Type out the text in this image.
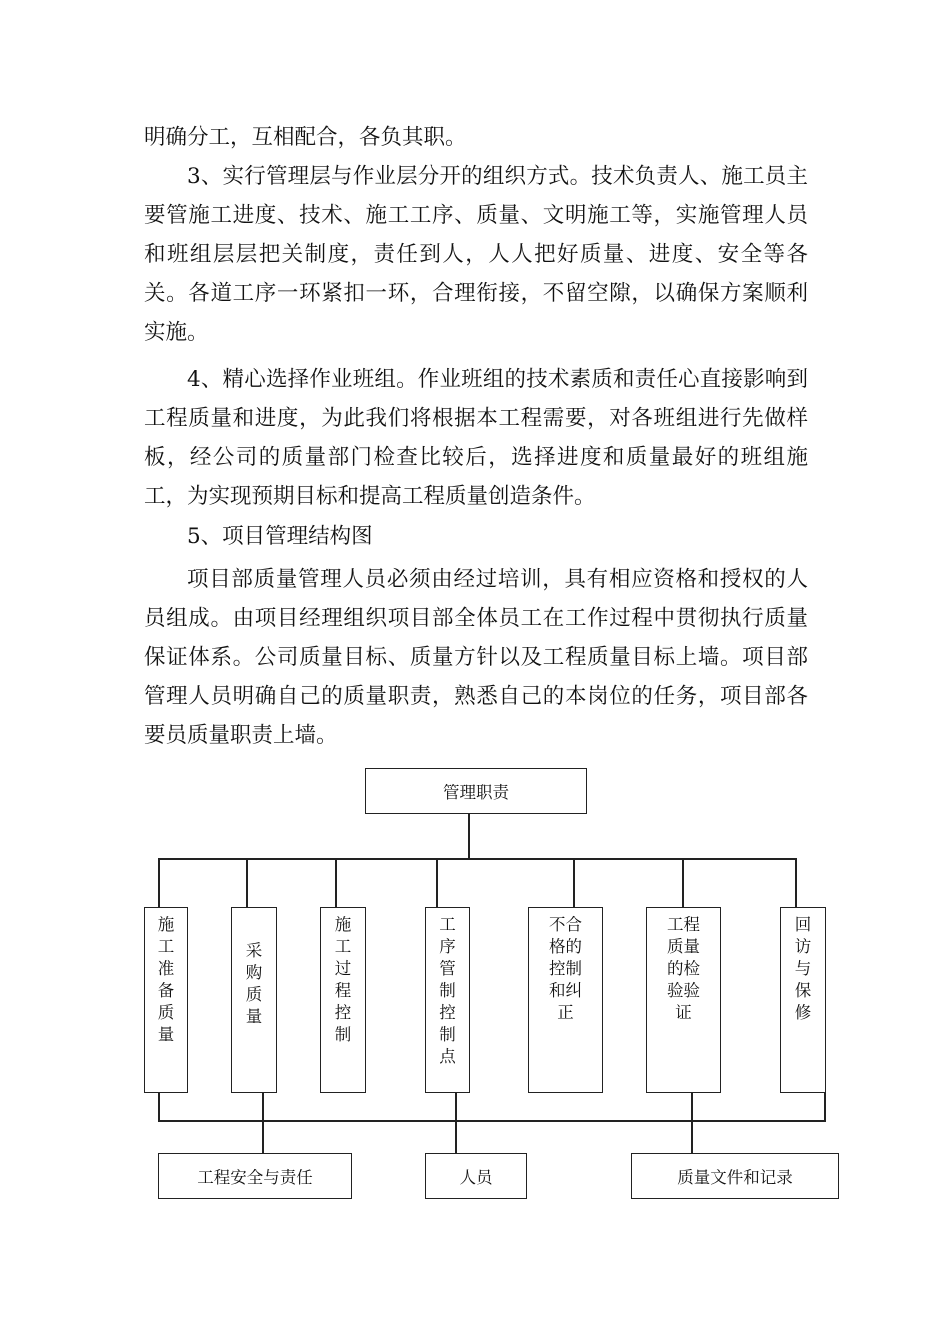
明确分工，互相配合，各负其职。

3、实行管理层与作业层分开的组织方式。技术负责人、施工员主要管施工进度、技术、施工工序、质量、文明施工等，实施管理人员和班组层层把关制度，责任到人，人人把好质量、进度、安全等各关。各道工序一环紧扣一环，合理衔接，不留空隙，以确保方案顺利实施。

4、精心选择作业班组。作业班组的技术素质和责任心直接影响到工程质量和进度，为此我们将根据本工程需要，对各班组进行先做样板，经公司的质量部门检查比较后，选择进度和质量最好的班组施工，为实现预期目标和提高工程质量创造条件。

5、项目管理结构图

项目部质量管理人员必须由经过培训，具有相应资格和授权的人员组成。由项目经理组织项目部全体员工在工作过程中贯彻执行质量保证体系。公司质量目标、质量方针以及工程质量目标上墙。项目部管理人员明确自己的质量职责，熟悉自己的本岗位的任务，项目部各要员质量职责上墙。

管理职责
施
工
准
备
质
量
采
购
质
量
施
工
过
程
控
制
工
序
管
制
控
制
点
不合
格的
控制
和纠
正
工程
质量
的检
验验
证
回
访
与
保
修
工程安全与责任	人员	质量文件和记录
